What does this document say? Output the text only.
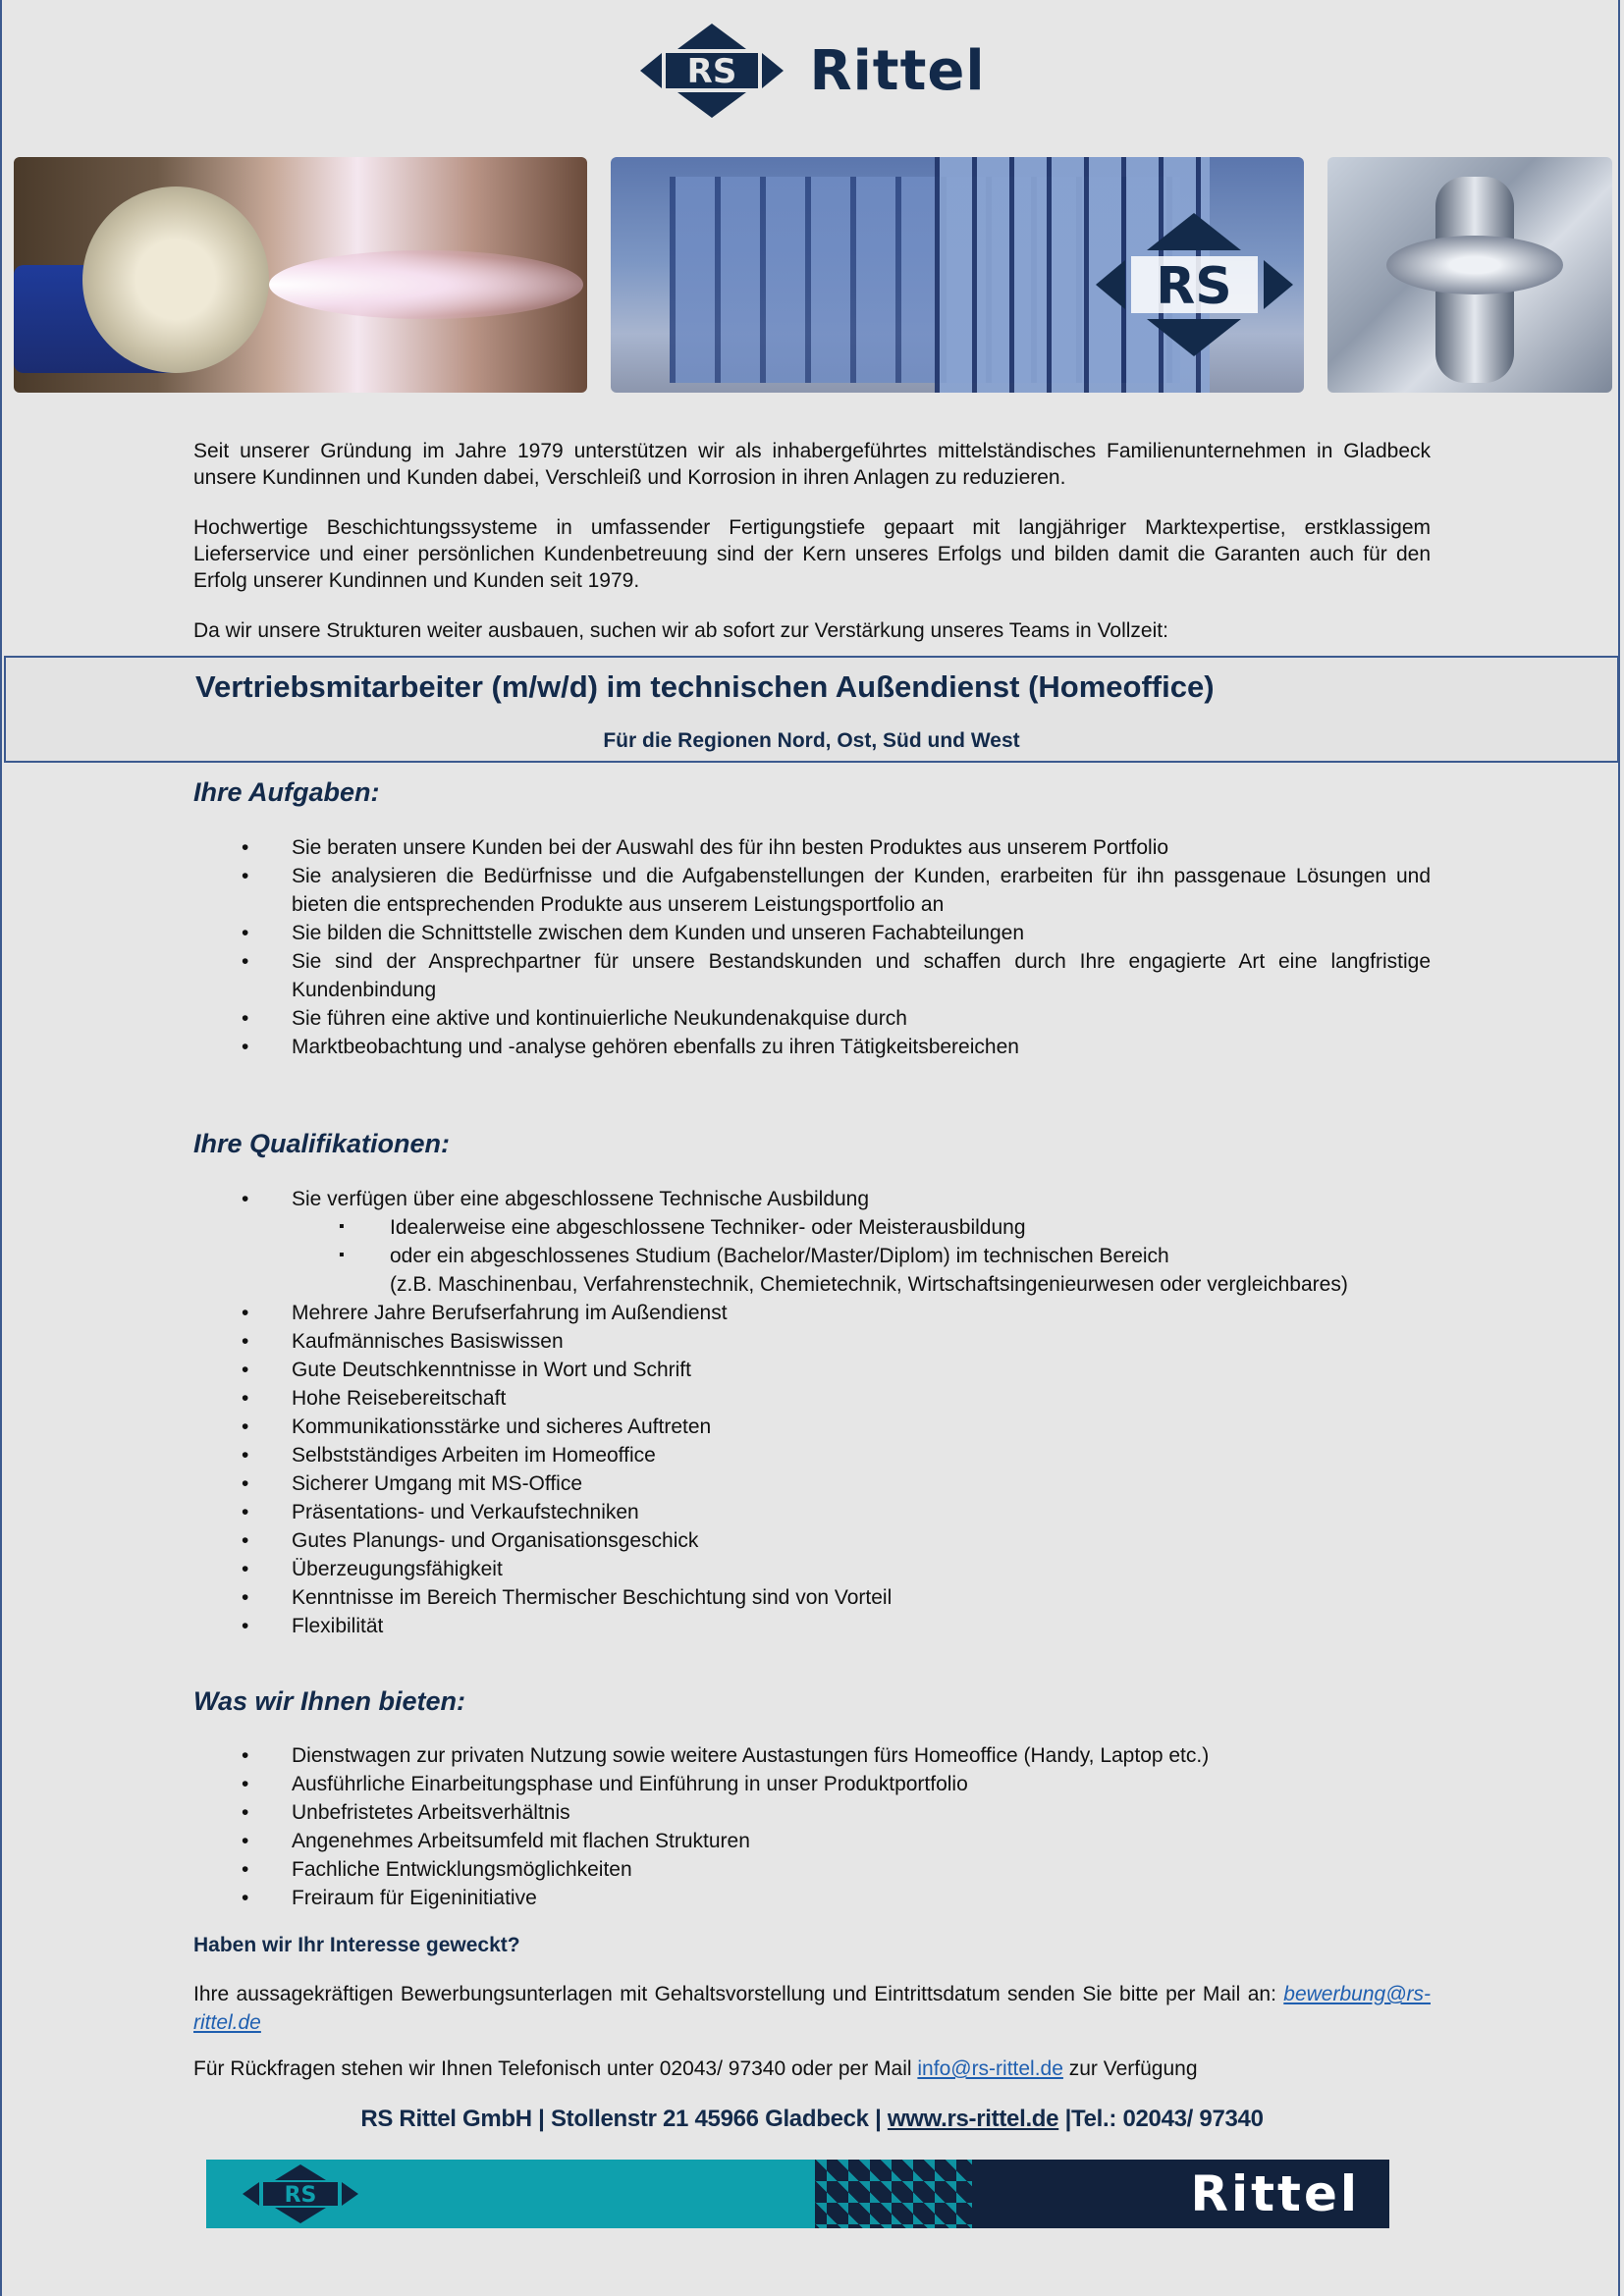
RS Rittel
RS

Seit unserer Gründung im Jahre 1979 unterstützen wir als inhabergeführtes mittelständisches Familienunternehmen in Gladbeck unsere Kundinnen und Kunden dabei, Verschleiß und Korrosion in ihren Anlagen zu reduzieren.

Hochwertige Beschichtungssysteme in umfassender Fertigungstiefe gepaart mit langjähriger Marktexpertise, erstklassigem Lieferservice und einer persönlichen Kundenbetreuung sind der Kern unseres Erfolgs und bilden damit die Garanten auch für den Erfolg unserer Kundinnen und Kunden seit 1979.

Da wir unsere Strukturen weiter ausbauen, suchen wir ab sofort zur Verstärkung unseres Teams in Vollzeit:

Vertriebsmitarbeiter (m/w/d) im technischen Außendienst (Homeoffice)
Für die Regionen Nord, Ost, Süd und West
Ihre Aufgaben:
• Sie beraten unsere Kunden bei der Auswahl des für ihn besten Produktes aus unserem Portfolio
• Sie analysieren die Bedürfnisse und die Aufgabenstellungen der Kunden, erarbeiten für ihn passgenaue Lösungen und bieten die entsprechenden Produkte aus unserem Leistungsportfolio an
• Sie bilden die Schnittstelle zwischen dem Kunden und unseren Fachabteilungen
• Sie sind der Ansprechpartner für unsere Bestandskunden und schaffen durch Ihre engagierte Art eine langfristige Kundenbindung
• Sie führen eine aktive und kontinuierliche Neukundenakquise durch
• Marktbeobachtung und -analyse gehören ebenfalls zu ihren Tätigkeitsbereichen
Ihre Qualifikationen:
• Sie verfügen über eine abgeschlossene Technische Ausbildung
▪ Idealerweise eine abgeschlossene Techniker- oder Meisterausbildung
▪ oder ein abgeschlossenes Studium (Bachelor/Master/Diplom) im technischen Bereich
(z.B. Maschinenbau, Verfahrenstechnik, Chemietechnik, Wirtschaftsingenieurwesen oder vergleichbares)
• Mehrere Jahre Berufserfahrung im Außendienst
• Kaufmännisches Basiswissen
• Gute Deutschkenntnisse in Wort und Schrift
• Hohe Reisebereitschaft
• Kommunikationsstärke und sicheres Auftreten
• Selbstständiges Arbeiten im Homeoffice
• Sicherer Umgang mit MS-Office
• Präsentations- und Verkaufstechniken
• Gutes Planungs- und Organisationsgeschick
• Überzeugungsfähigkeit
• Kenntnisse im Bereich Thermischer Beschichtung sind von Vorteil
• Flexibilität
Was wir Ihnen bieten:
• Dienstwagen zur privaten Nutzung sowie weitere Austastungen fürs Homeoffice (Handy, Laptop etc.)
• Ausführliche Einarbeitungsphase und Einführung in unser Produktportfolio
• Unbefristetes Arbeitsverhältnis
• Angenehmes Arbeitsumfeld mit flachen Strukturen
• Fachliche Entwicklungsmöglichkeiten
• Freiraum für Eigeninitiative
Haben wir Ihr Interesse geweckt?
Ihre aussagekräftigen Bewerbungsunterlagen mit Gehaltsvorstellung und Eintrittsdatum senden Sie bitte per Mail an: bewerbung@rs-rittel.de
Für Rückfragen stehen wir Ihnen Telefonisch unter 02043/ 97340 oder per Mail info@rs-rittel.de zur Verfügung
RS Rittel GmbH | Stollenstr 21 45966 Gladbeck | www.rs-rittel.de |Tel.: 02043/ 97340
RS	Rittel
